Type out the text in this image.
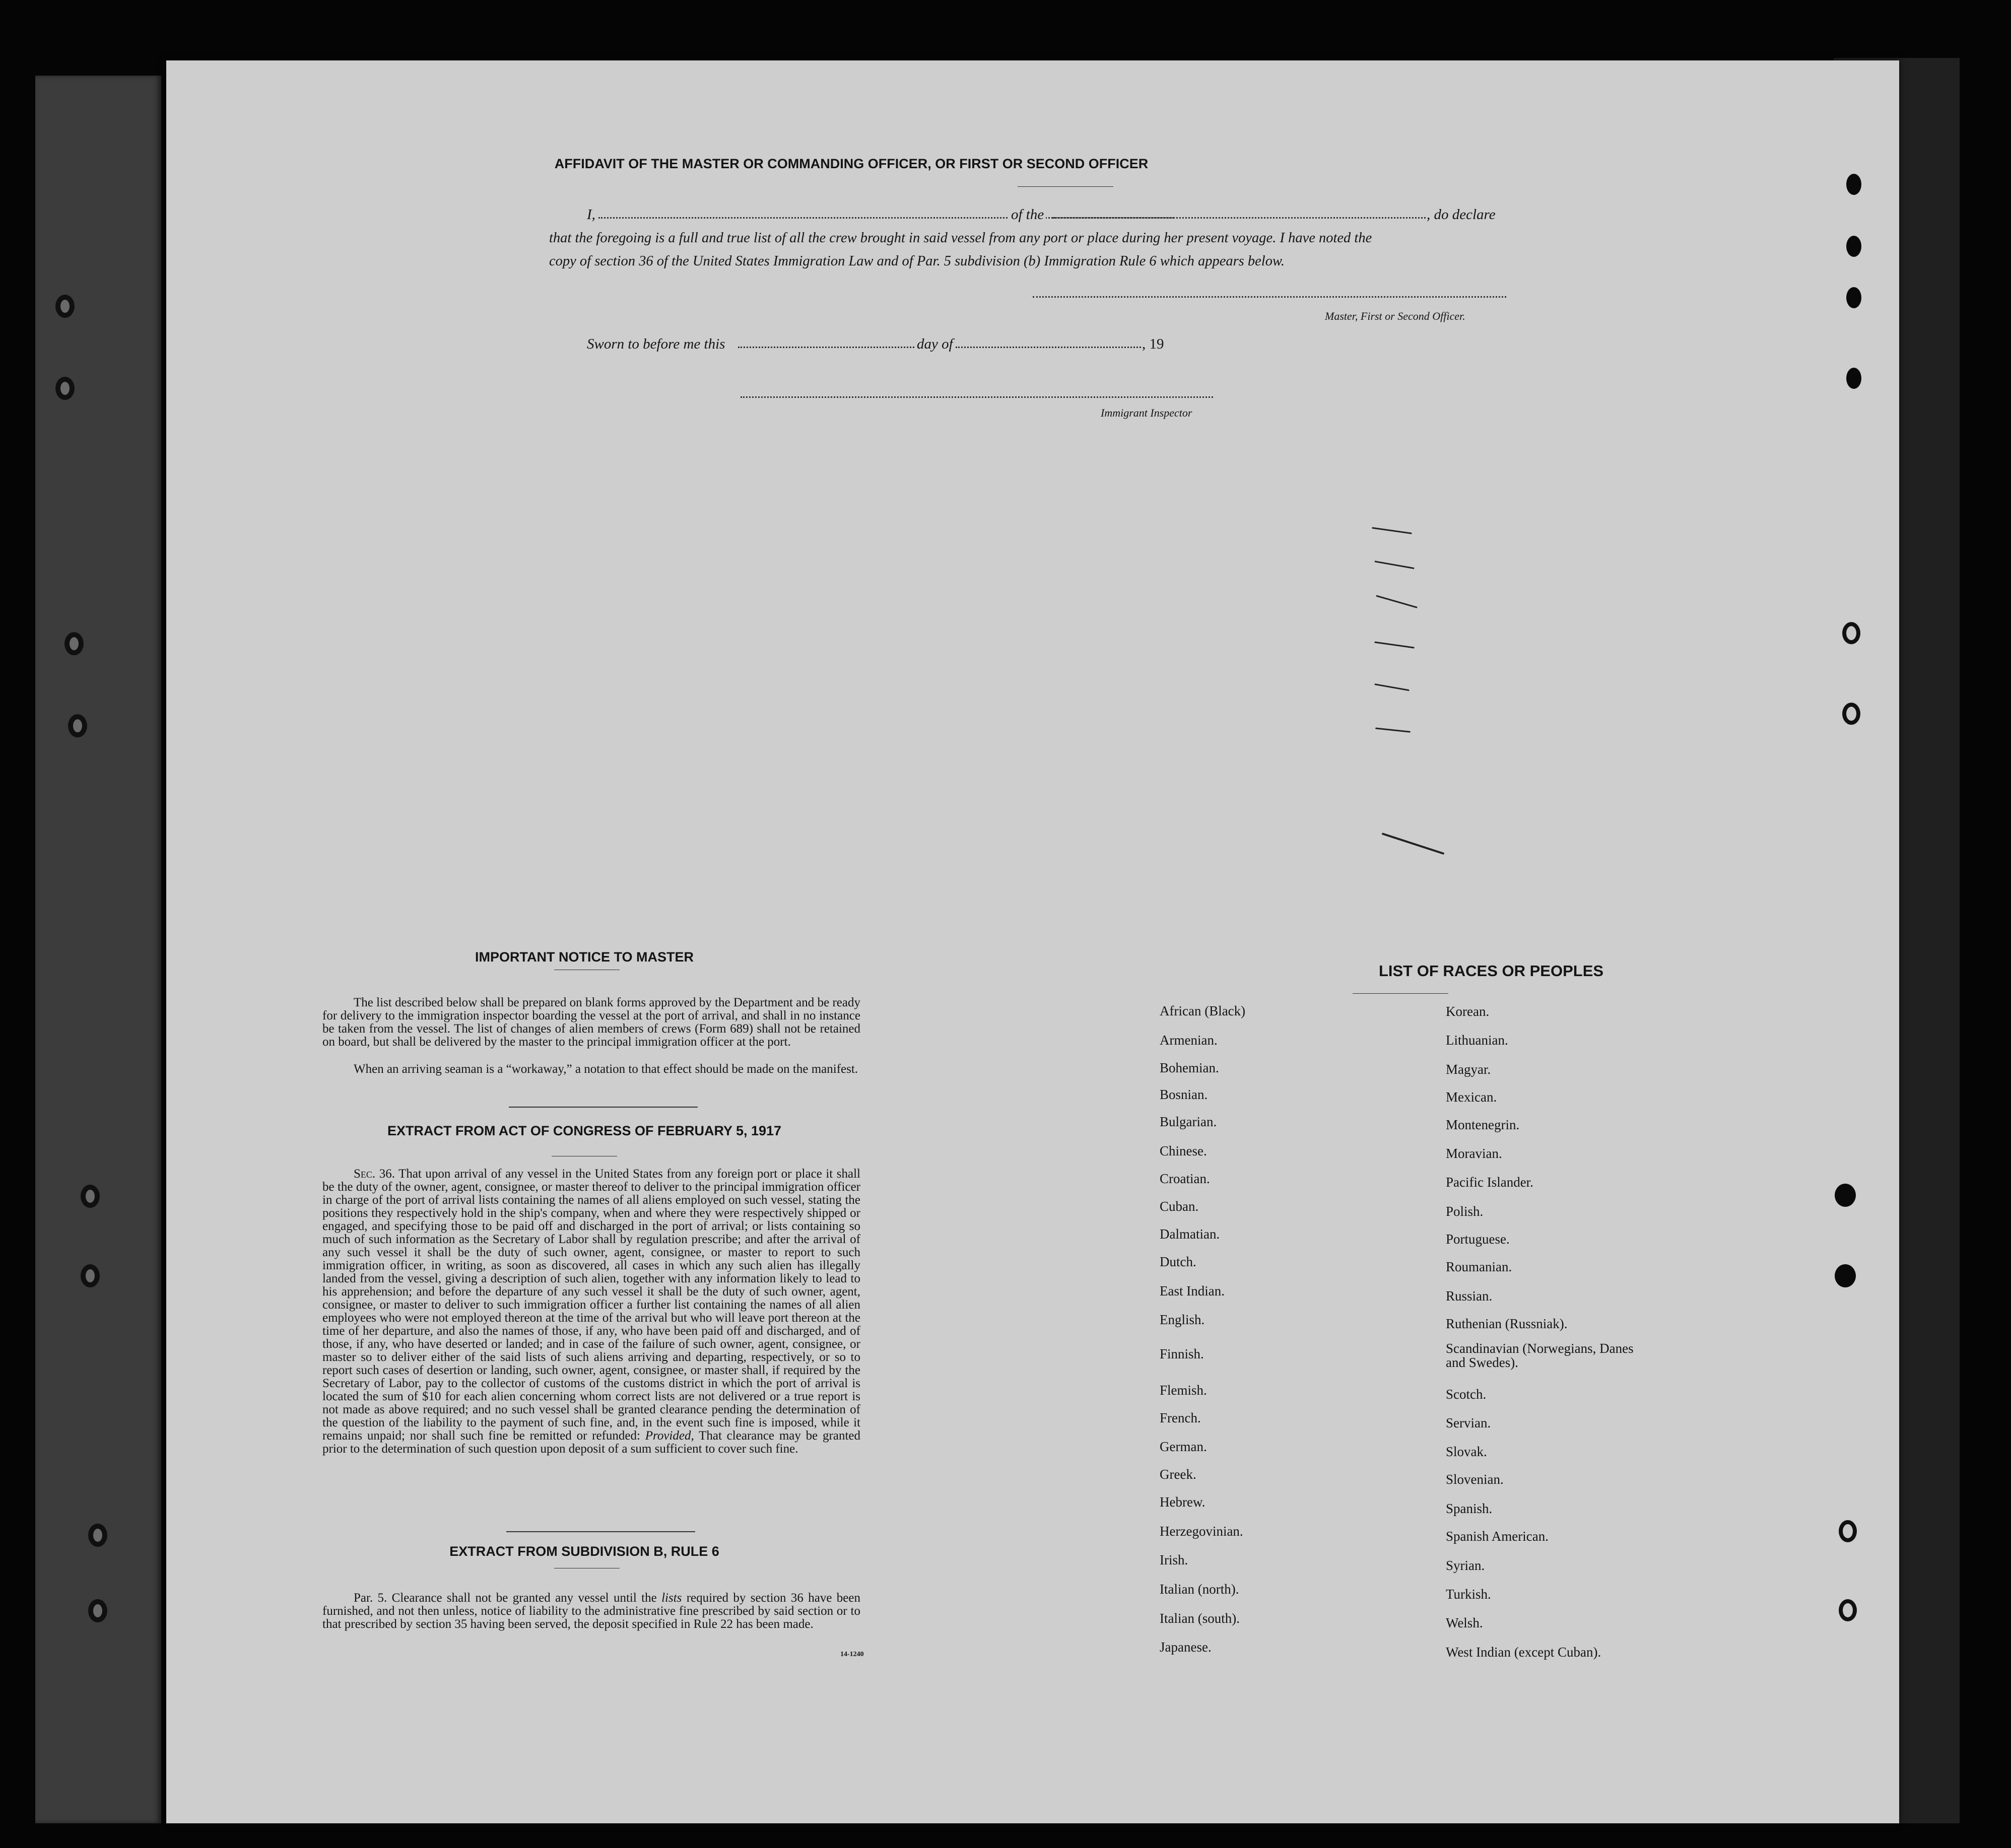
AFFIDAVIT OF THE MASTER OR COMMANDING OFFICER, OR FIRST OR SECOND OFFICER
I,	of the	, do declare
that the foregoing is a full and true list of all the crew brought in said vessel from any port or place during her present voyage. I have noted the
copy of section 36 of the United States Immigration Law and of Par. 5 subdivision (b) Immigration Rule 6 which appears below.
Master, First or Second Officer.
Sworn to before me this	day of	, 19
Immigrant Inspector
IMPORTANT NOTICE TO MASTER

The list described below shall be prepared on blank forms approved by the Department and be ready for delivery to the immigration inspector boarding the vessel at the port of arrival, and shall in no instance be taken from the vessel. The list of changes of alien members of crews (Form 689) shall not be retained on board, but shall be delivered by the master to the principal immigration officer at the port.

When an arriving seaman is a “workaway,” a notation to that effect should be made on the manifest.

EXTRACT FROM ACT OF CONGRESS OF FEBRUARY 5, 1917

Sec. 36. That upon arrival of any vessel in the United States from any foreign port or place it shall be the duty of the owner, agent, consignee, or master thereof to deliver to the principal immigration officer in charge of the port of arrival lists containing the names of all aliens employed on such vessel, stating the positions they respectively hold in the ship's company, when and where they were respectively shipped or engaged, and specifying those to be paid off and discharged in the port of arrival; or lists containing so much of such information as the Secretary of Labor shall by regulation prescribe; and after the arrival of any such vessel it shall be the duty of such owner, agent, consignee, or master to report to such immigration officer, in writing, as soon as discovered, all cases in which any such alien has illegally landed from the vessel, giving a description of such alien, together with any information likely to lead to his apprehension; and before the departure of any such vessel it shall be the duty of such owner, agent, consignee, or master to deliver to such immigration officer a further list containing the names of all alien employees who were not employed thereon at the time of the arrival but who will leave port thereon at the time of her departure, and also the names of those, if any, who have been paid off and discharged, and of those, if any, who have deserted or landed; and in case of the failure of such owner, agent, consignee, or master so to deliver either of the said lists of such aliens arriving and departing, respectively, or so to report such cases of desertion or landing, such owner, agent, consignee, or master shall, if required by the Secretary of Labor, pay to the collector of customs of the customs district in which the port of arrival is located the sum of $10 for each alien concerning whom correct lists are not delivered or a true report is not made as above required; and no such vessel shall be granted clearance pending the determination of the question of the liability to the payment of such fine, and, in the event such fine is imposed, while it remains unpaid; nor shall such fine be remitted or refunded: Provided, That clearance may be granted prior to the determination of such question upon deposit of a sum sufficient to cover such fine.

EXTRACT FROM SUBDIVISION B, RULE 6

Par. 5. Clearance shall not be granted any vessel until the lists required by section 36 have been furnished, and not then unless, notice of liability to the administrative fine prescribed by said section or to that prescribed by section 35 having been served, the deposit specified in Rule 22 has been made.

14-1240
LIST OF RACES OR PEOPLES
African (Black)
Armenian.
Bohemian.
Bosnian.
Bulgarian.
Chinese.
Croatian.
Cuban.
Dalmatian.
Dutch.
East Indian.
English.
Finnish.
Flemish.
French.
German.
Greek.
Hebrew.
Herzegovinian.
Irish.
Italian (north).
Italian (south).
Japanese.
Korean.
Lithuanian.
Magyar.
Mexican.
Montenegrin.
Moravian.
Pacific Islander.
Polish.
Portuguese.
Roumanian.
Russian.
Ruthenian (Russniak).
Scandinavian (Norwegians, Danes and Swedes).
Scotch.
Servian.
Slovak.
Slovenian.
Spanish.
Spanish American.
Syrian.
Turkish.
Welsh.
West Indian (except Cuban).
